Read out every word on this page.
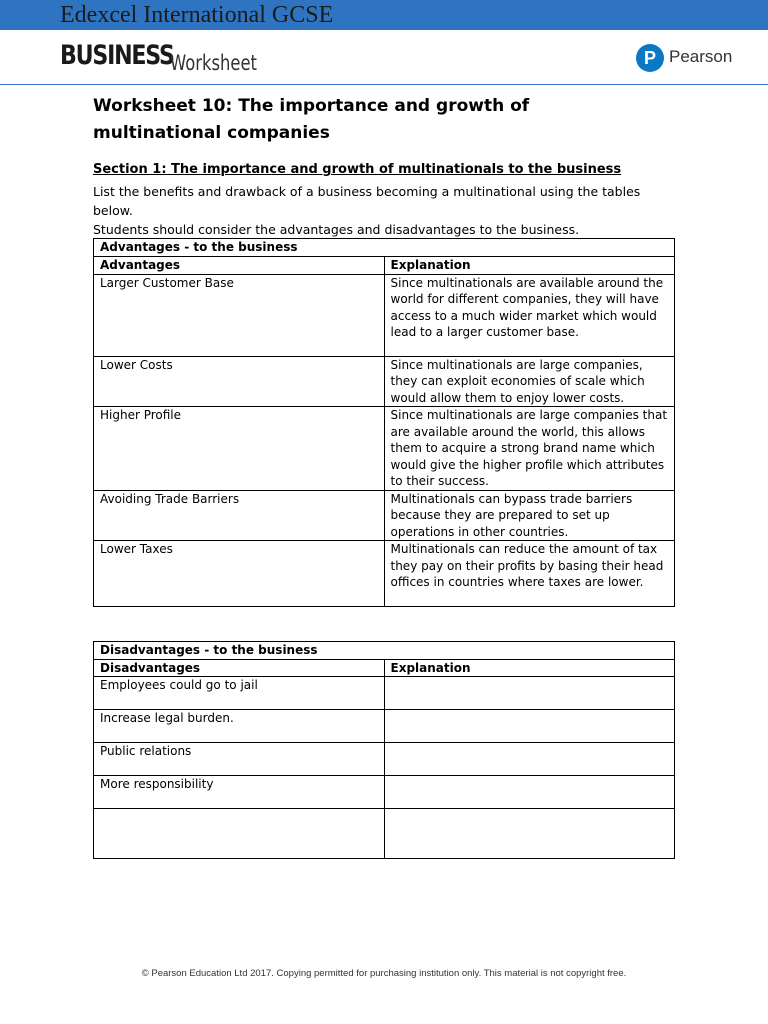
Edexcel International GCSE
BUSINESS
Worksheet	P Pearson
Worksheet 10: The importance and growth of multinational companies
Section 1: The importance and growth of multinationals to the business
List the benefits and drawback of a business becoming a multinational using the tables below.
Students should consider the advantages and disadvantages to the business.
Advantages - to the business	
Advantages	Explanation
Larger Customer Base	Since multinationals are available around the world for different companies, they will have access to a much wider market which would lead to a larger customer base.
Lower Costs	Since multinationals are large companies, they can exploit economies of scale which would allow them to enjoy lower costs.
Higher Profile	Since multinationals are large companies that are available around the world, this allows them to acquire a strong brand name which would give the higher profile which attributes to their success.
Avoiding Trade Barriers	Multinationals can bypass trade barriers because they are prepared to set up operations in other countries.
Lower Taxes	Multinationals can reduce the amount of tax they pay on their profits by basing their head offices in countries where taxes are lower.
Disadvantages - to the business	
Disadvantages	Explanation
Employees could go to jail	
Increase legal burden.	
Public relations	
More responsibility	

© Pearson Education Ltd 2017. Copying permitted for purchasing institution only. This material is not copyright free.
